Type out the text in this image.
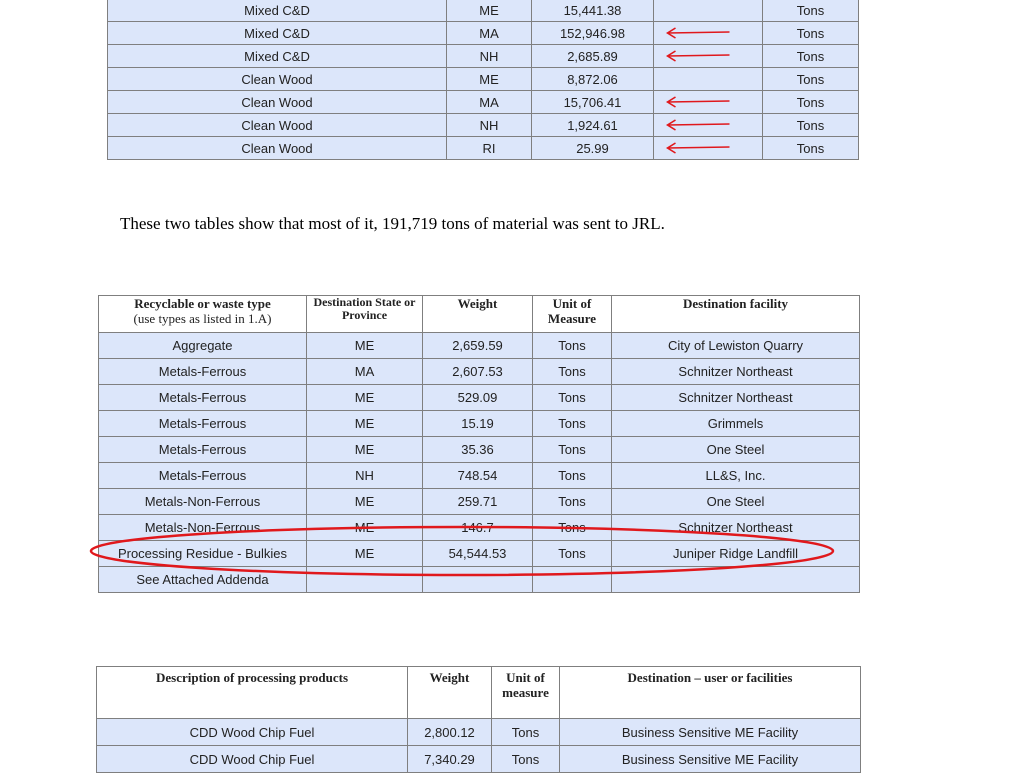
Mixed C&D	ME	15,441.38		Tons
Mixed C&D	MA	152,946.98		Tons
Mixed C&D	NH	2,685.89		Tons
Clean Wood	ME	8,872.06		Tons
Clean Wood	MA	15,706.41		Tons
Clean Wood	NH	1,924.61		Tons
Clean Wood	RI	25.99		Tons
These two tables show that most of it, 191,719 tons of material was sent to JRL.
Recyclable or waste type
(use types as listed in 1.A)	Destination State or Province	Weight	Unit of Measure	Destination facility
Aggregate	ME	2,659.59	Tons	City of Lewiston Quarry
Metals-Ferrous	MA	2,607.53	Tons	Schnitzer Northeast
Metals-Ferrous	ME	529.09	Tons	Schnitzer Northeast
Metals-Ferrous	ME	15.19	Tons	Grimmels
Metals-Ferrous	ME	35.36	Tons	One Steel
Metals-Ferrous	NH	748.54	Tons	LL&S, Inc.
Metals-Non-Ferrous	ME	259.71	Tons	One Steel
Metals-Non-Ferrous	ME	146.7	Tons	Schnitzer Northeast
Processing Residue - Bulkies	ME	54,544.53	Tons	Juniper Ridge Landfill
See Attached Addenda				
Description of processing products	Weight	Unit of measure	Destination – user or facilities
CDD Wood Chip Fuel	2,800.12	Tons	Business Sensitive ME Facility
CDD Wood Chip Fuel	7,340.29	Tons	Business Sensitive ME Facility
